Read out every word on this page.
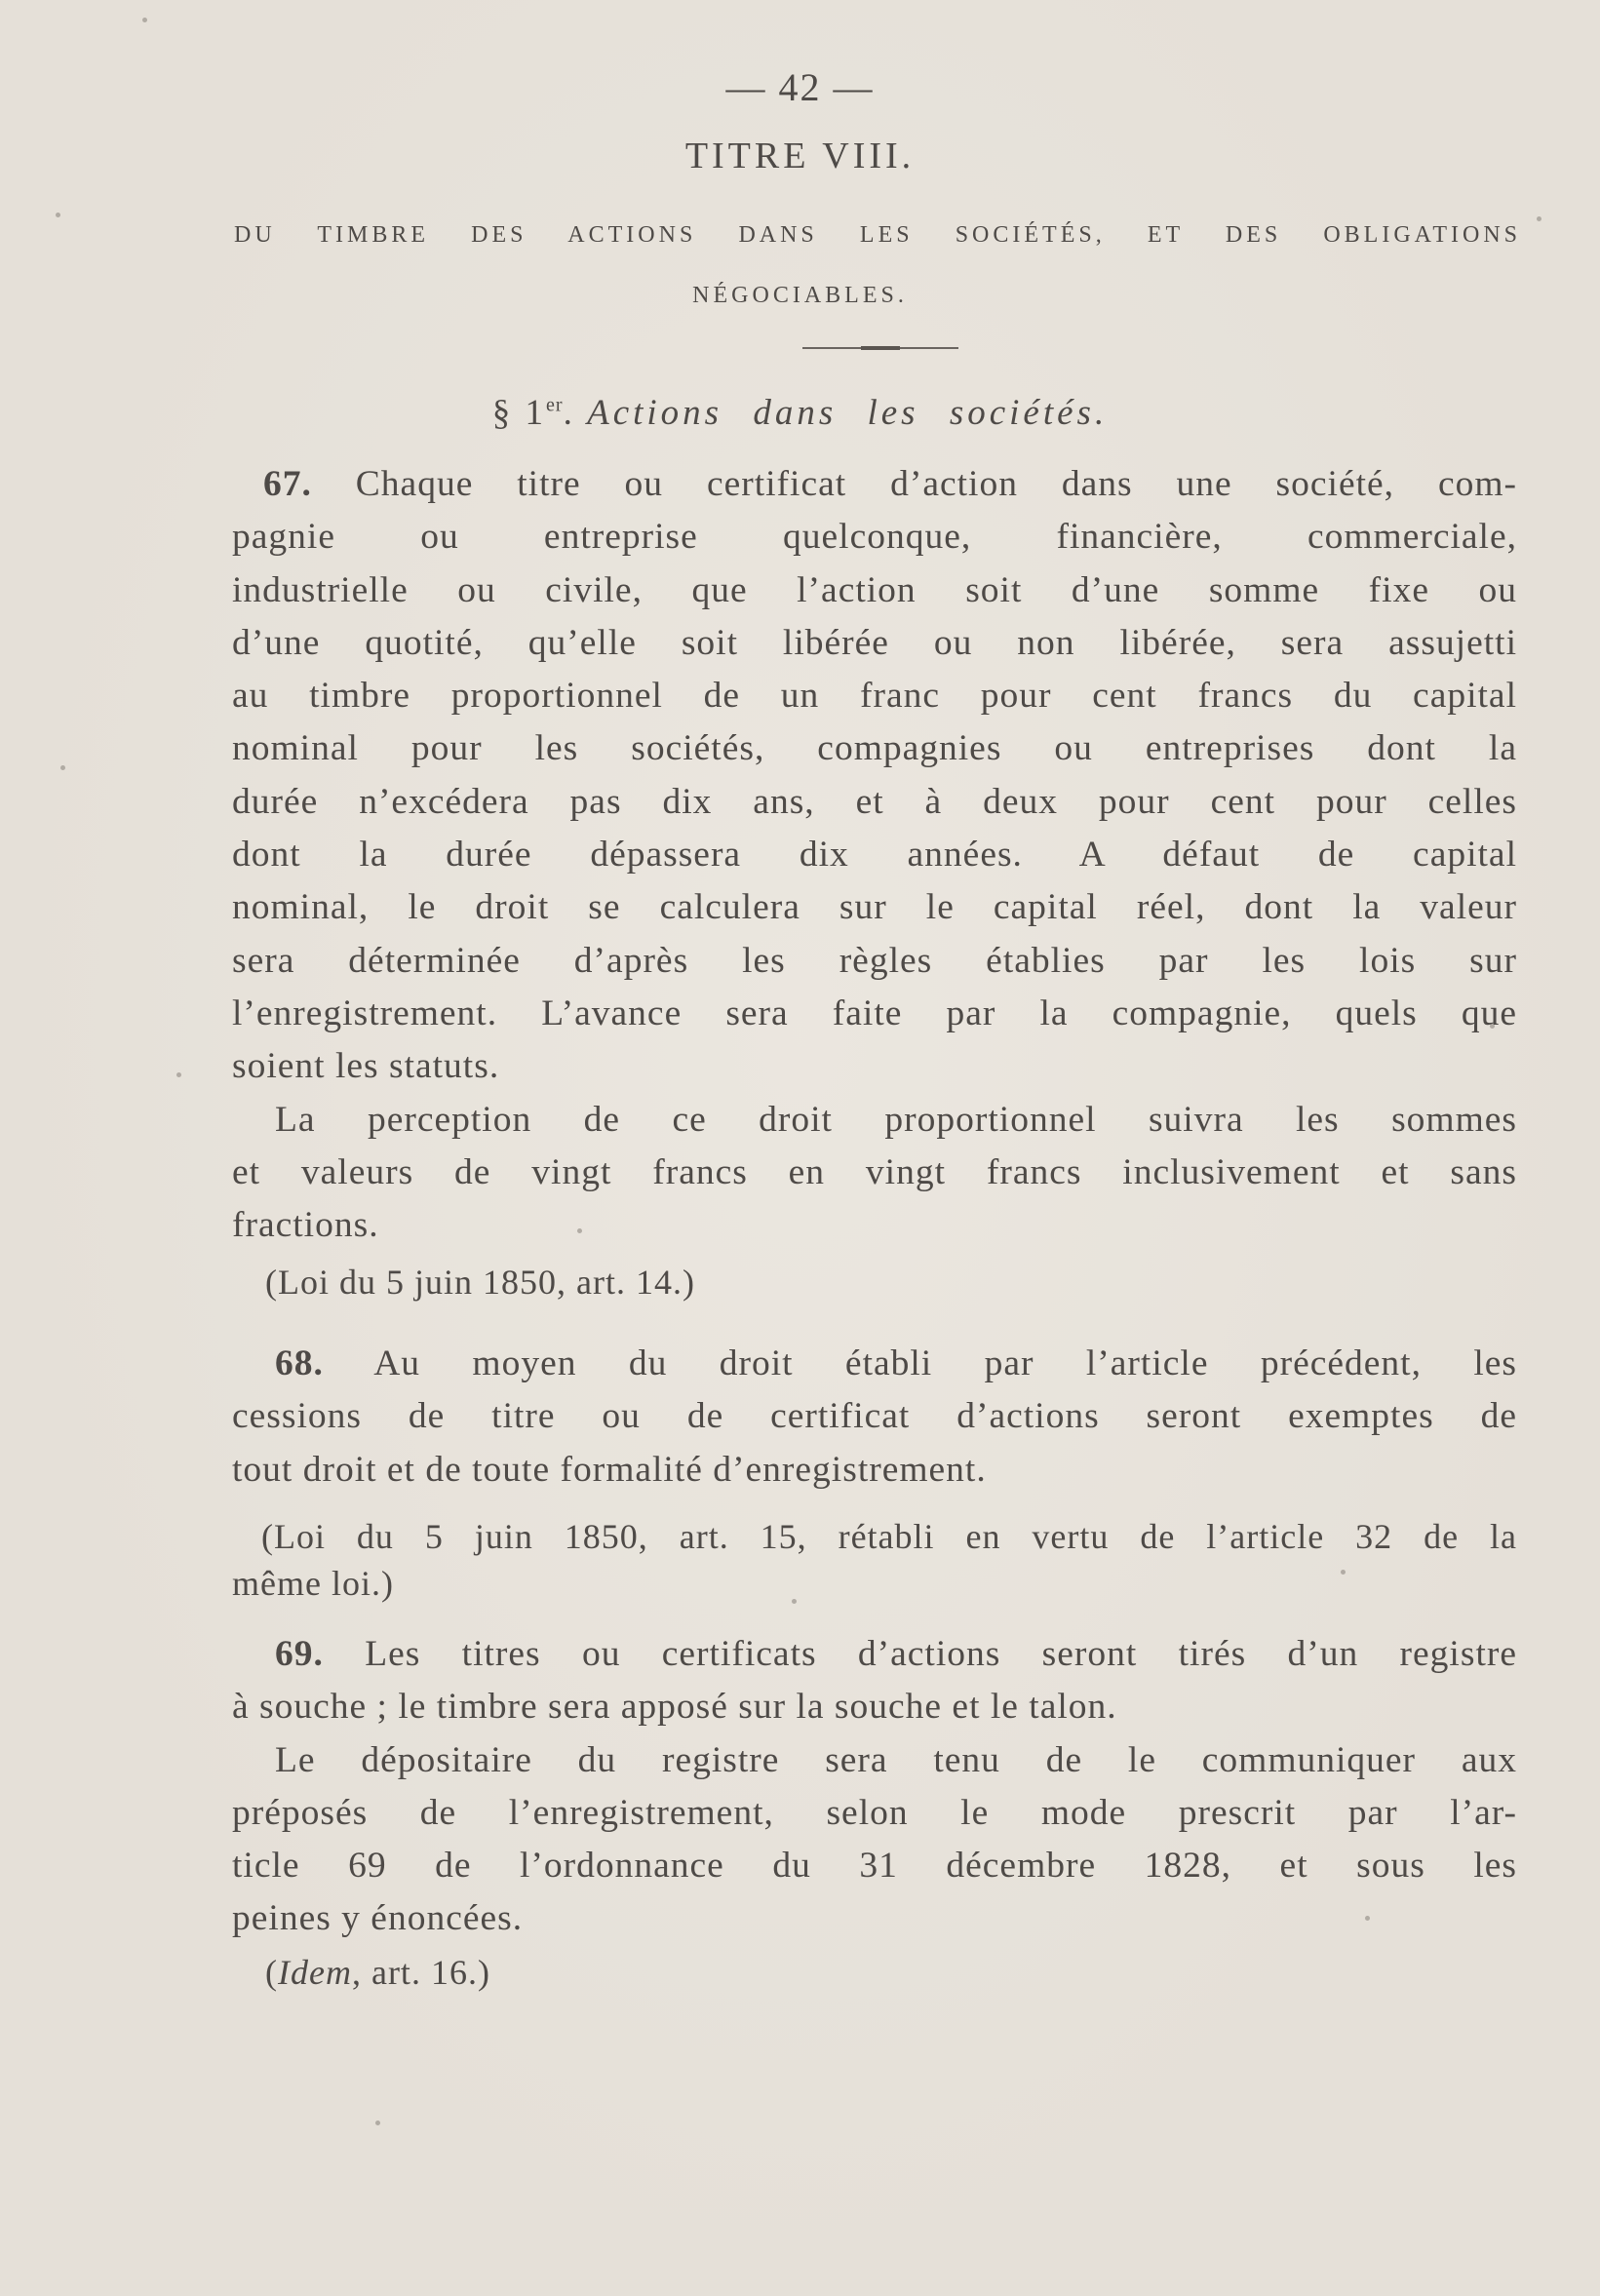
— 42 —
TITRE VIII.
DU TIMBRE DES ACTIONS DANS LES SOCIÉTÉS, ET DES OBLIGATIONS
NÉGOCIABLES.
§ 1er. Actions dans les sociétés.
67. Chaque titre ou certificat d’action dans une société, com-
pagnie ou entreprise quelconque, financière, commerciale,
industrielle ou civile, que l’action soit d’une somme fixe ou
d’une quotité, qu’elle soit libérée ou non libérée, sera assujetti
au timbre proportionnel de un franc pour cent francs du capital
nominal pour les sociétés, compagnies ou entreprises dont la
durée n’excédera pas dix ans, et à deux pour cent pour celles
dont la durée dépassera dix années. A défaut de capital
nominal, le droit se calculera sur le capital réel, dont la valeur
sera déterminée d’après les règles établies par les lois sur
l’enregistrement. L’avance sera faite par la compagnie, quels que
soient les statuts.
La perception de ce droit proportionnel suivra les sommes
et valeurs de vingt francs en vingt francs inclusivement et sans
fractions.
(Loi du 5 juin 1850, art. 14.)
68. Au moyen du droit établi par l’article précédent, les
cessions de titre ou de certificat d’actions seront exemptes de
tout droit et de toute formalité d’enregistrement.
(Loi du 5 juin 1850, art. 15, rétabli en vertu de l’article 32 de la
même loi.)
69. Les titres ou certificats d’actions seront tirés d’un registre
à souche ; le timbre sera apposé sur la souche et le talon.
Le dépositaire du registre sera tenu de le communiquer aux
préposés de l’enregistrement, selon le mode prescrit par l’ar-
ticle 69 de l’ordonnance du 31 décembre 1828, et sous les
peines y énoncées.
(Idem, art. 16.)
